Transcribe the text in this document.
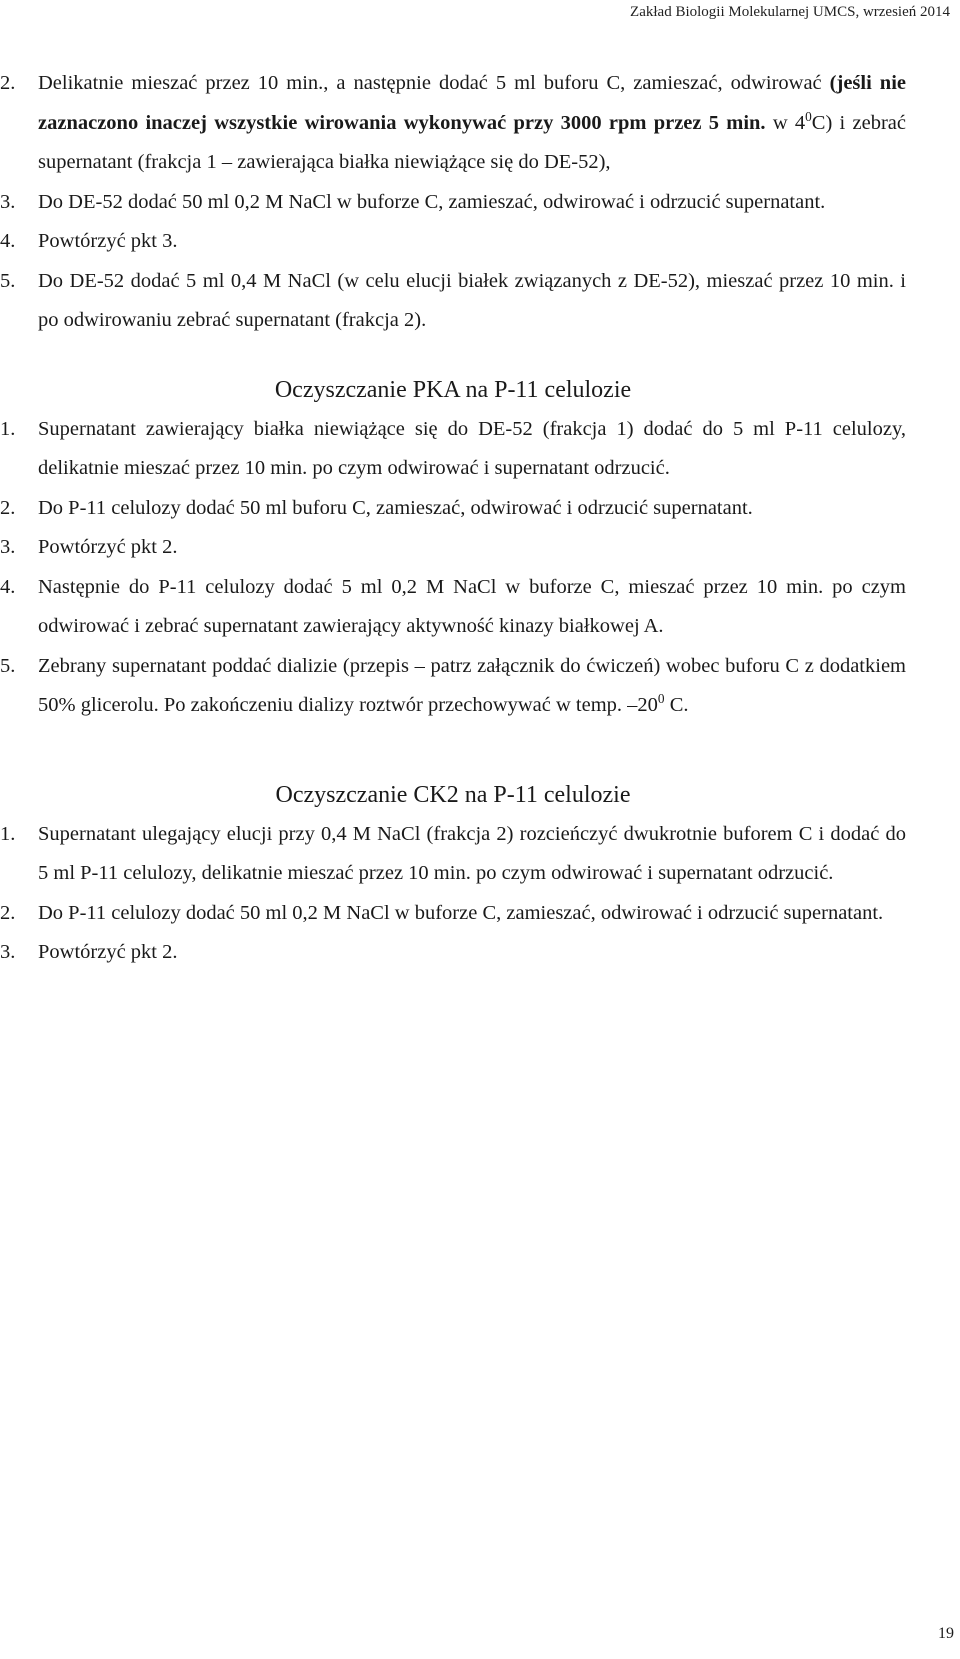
Zakład Biologii Molekularnej UMCS, wrzesień 2014
2. Delikatnie mieszać przez 10 min., a następnie dodać 5 ml buforu C, zamieszać, odwirować (jeśli nie zaznaczono inaczej wszystkie wirowania wykonywać przy 3000 rpm przez 5 min. w $4^0C$) i zebrać supernatant (frakcja 1 – zawierająca białka niewiążące się do DE-52),
3. Do DE-52 dodać 50 ml 0,2 M NaCl w buforze C, zamieszać, odwirować i odrzucić supernatant.
4. Powtórzyć pkt 3.
5. Do DE-52 dodać 5 ml 0,4 M NaCl (w celu elucji białek związanych z DE-52), mieszać przez 10 min. i po odwirowaniu zebrać supernatant (frakcja 2).
Oczyszczanie PKA na P-11 celulozie
1. Supernatant zawierający białka niewiążące się do DE-52 (frakcja 1) dodać do 5 ml P-11 celulozy, delikatnie mieszać przez 10 min. po czym odwirować i supernatant odrzucić.
2. Do P-11 celulozy dodać 50 ml buforu C, zamieszać, odwirować i odrzucić supernatant.
3. Powtórzyć pkt 2.
4. Następnie do P-11 celulozy dodać 5 ml 0,2 M NaCl w buforze C, mieszać przez 10 min. po czym odwirować i zebrać supernatant zawierający aktywność kinazy białkowej A.
5. Zebrany supernatant poddać dializie (przepis – patrz załącznik do ćwiczeń) wobec buforu C z dodatkiem 50% glicerolu. Po zakończeniu dializy roztwór przechowywać w temp. $-20^0$ C.
Oczyszczanie CK2 na P-11 celulozie
1. Supernatant ulegający elucji przy 0,4 M NaCl (frakcja 2) rozcieńczyć dwukrotnie buforem C i dodać do 5 ml P-11 celulozy, delikatnie mieszać przez 10 min. po czym odwirować i supernatant odrzucić.
2. Do P-11 celulozy dodać 50 ml 0,2 M NaCl w buforze C, zamieszać, odwirować i odrzucić supernatant.
3. Powtórzyć pkt 2.
19
